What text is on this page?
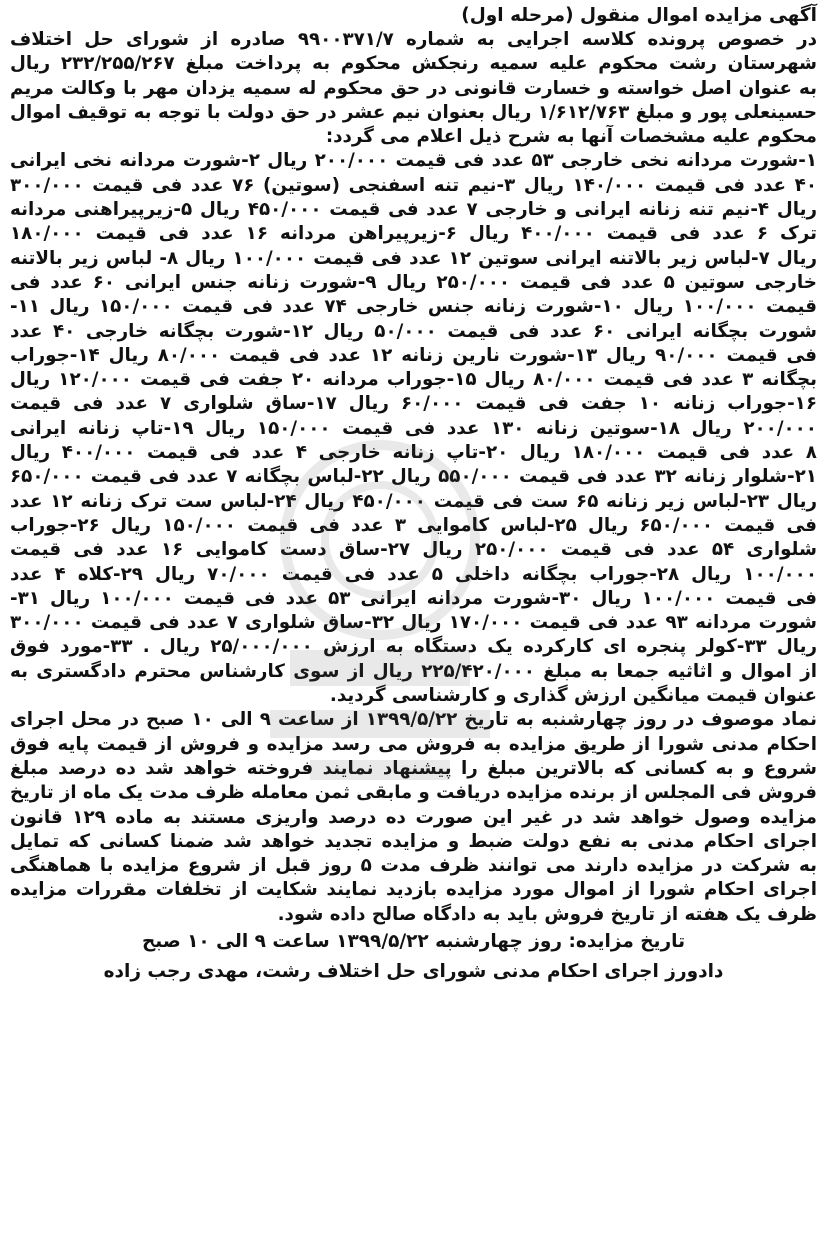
آگهی مزایده اموال منقول (مرحله اول)

در خصوص پرونده کلاسه اجرایی به شماره ۹۹۰۰۳۷۱/۷ صادره از شورای حل اختلاف
شهرستان رشت محکوم علیه سمیه رنجکش محکوم به پرداخت مبلغ ۲۳۲/۲۵۵/۲۶۷ ریال
به عنوان اصل خواسته و خسارت قانونی در حق محکوم له سمیه یزدان مهر با وکالت مریم
حسینعلی پور و مبلغ ۱/۶۱۲/۷۶۳ ریال بعنوان نیم عشر در حق دولت با توجه به توقیف اموال
محکوم علیه مشخصات آنها به شرح ذیل اعلام می گردد:
۱-شورت مردانه نخی خارجی ۵۳ عدد فی قیمت ۲۰۰/۰۰۰ ریال ۲-شورت مردانه نخی ایرانی
۴۰ عدد فی قیمت ۱۴۰/۰۰۰ ریال ۳-نیم تنه اسفنجی (سوتین) ۷۶ عدد فی قیمت ۳۰۰/۰۰۰
ریال ۴-نیم تنه زنانه ایرانی و خارجی ۷ عدد فی قیمت ۴۵۰/۰۰۰ ریال ۵-زیرپیراهنی مردانه
ترک ۶ عدد فی قیمت ۴۰۰/۰۰۰ ریال ۶-زیرپیراهن مردانه ۱۶ عدد فی قیمت ۱۸۰/۰۰۰
ریال ۷-لباس زیر بالاتنه ایرانی سوتین ۱۲ عدد فی قیمت ۱۰۰/۰۰۰ ریال ۸- لباس زیر بالاتنه
خارجی سوتین ۵ عدد فی قیمت ۲۵۰/۰۰۰ ریال ۹-شورت زنانه جنس ایرانی ۶۰ عدد فی
قیمت ۱۰۰/۰۰۰ ریال ۱۰-شورت زنانه جنس خارجی ۷۴ عدد فی قیمت ۱۵۰/۰۰۰ ریال ۱۱-
شورت بچگانه ایرانی ۶۰ عدد فی قیمت ۵۰/۰۰۰ ریال ۱۲-شورت بچگانه خارجی ۴۰ عدد
فی قیمت ۹۰/۰۰۰ ریال ۱۳-شورت نارین زنانه ۱۲ عدد فی قیمت ۸۰/۰۰۰ ریال ۱۴-جوراب
بچگانه ۳ عدد فی قیمت ۸۰/۰۰۰ ریال ۱۵-جوراب مردانه ۲۰ جفت فی قیمت ۱۲۰/۰۰۰ ریال
۱۶-جوراب زنانه ۱۰ جفت فی قیمت ۶۰/۰۰۰ ریال ۱۷-ساق شلواری ۷ عدد فی قیمت
۲۰۰/۰۰۰ ریال ۱۸-سوتین زنانه ۱۳۰ عدد فی قیمت ۱۵۰/۰۰۰ ریال ۱۹-تاپ زنانه ایرانی
۸ عدد فی قیمت ۱۸۰/۰۰۰ ریال ۲۰-تاپ زنانه خارجی ۴ عدد فی قیمت ۴۰۰/۰۰۰ ریال
۲۱-شلوار زنانه ۳۲ عدد فی قیمت ۵۵۰/۰۰۰ ریال ۲۲-لباس بچگانه ۷ عدد فی قیمت ۶۵۰/۰۰۰
ریال ۲۳-لباس زیر زنانه ۶۵ ست فی قیمت ۴۵۰/۰۰۰ ریال ۲۴-لباس ست ترک زنانه ۱۲ عدد
فی قیمت ۶۵۰/۰۰۰ ریال ۲۵-لباس کاموایی ۳ عدد فی قیمت ۱۵۰/۰۰۰ ریال ۲۶-جوراب
شلواری ۵۴ عدد فی قیمت ۲۵۰/۰۰۰ ریال ۲۷-ساق دست کاموایی ۱۶ عدد فی قیمت
۱۰۰/۰۰۰ ریال ۲۸-جوراب بچگانه داخلی ۵ عدد فی قیمت ۷۰/۰۰۰ ریال ۲۹-کلاه ۴ عدد
فی قیمت ۱۰۰/۰۰۰ ریال ۳۰-شورت مردانه ایرانی ۵۳ عدد فی قیمت ۱۰۰/۰۰۰ ریال ۳۱-
شورت مردانه ۹۳ عدد فی قیمت ۱۷۰/۰۰۰ ریال ۳۲-ساق شلواری ۷ عدد فی قیمت ۳۰۰/۰۰۰
ریال ۳۳-کولر پنجره ای کارکرده یک دستگاه به ارزش ۲۵/۰۰۰/۰۰۰ ریال . ۳۳-مورد فوق
از اموال و اثاثیه جمعا به مبلغ ۲۲۵/۴۲۰/۰۰۰ ریال از سوی کارشناس محترم دادگستری به
عنوان قیمت میانگین ارزش گذاری و کارشناسی گردید.
نماد موصوف در روز چهارشنبه به تاریخ ۱۳۹۹/۵/۲۲ از ساعت ۹ الی ۱۰ صبح در محل اجرای
احکام مدنی شورا از طریق مزایده به فروش می رسد مزایده و فروش از قیمت پایه فوق
شروع و به کسانی که بالاترین مبلغ را پیشنهاد نمایند فروخته خواهد شد ده درصد مبلغ
فروش فی المجلس از برنده مزایده دریافت و مابقی ثمن معامله ظرف مدت یک ماه از تاریخ
مزایده وصول خواهد شد در غیر این صورت ده درصد واریزی مستند به ماده ۱۲۹ قانون
اجرای احکام مدنی به نفع دولت ضبط و مزایده تجدید خواهد شد ضمنا کسانی که تمایل
به شرکت در مزایده دارند می توانند ظرف مدت ۵ روز قبل از شروع مزایده با هماهنگی
اجرای احکام شورا از اموال مورد مزایده بازدید نمایند شکایت از تخلفات مقررات مزایده
ظرف یک هفته از تاریخ فروش باید به دادگاه صالح داده شود.

تاریخ مزایده: روز چهارشنبه ۱۳۹۹/۵/۲۲ ساعت ۹ الی ۱۰ صبح

دادورز اجرای احکام مدنی شورای حل اختلاف رشت، مهدی رجب زاده
